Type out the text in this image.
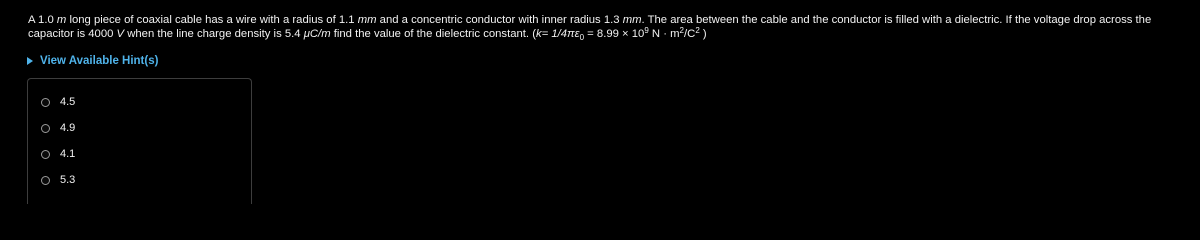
A 1.0 m long piece of coaxial cable has a wire with a radius of 1.1 mm and a concentric conductor with inner radius 1.3 mm. The area between the cable and the conductor is filled with a dielectric. If the voltage drop across the capacitor is 4000 V when the line charge density is 5.4 μC/m find the value of the dielectric constant. ($k= 1/4\pi\varepsilon_0 = 8.99 \times 10^9$ $N \cdot m^2/C^2$ )
View Available Hint(s)
4.5
4.9
4.1
5.3
